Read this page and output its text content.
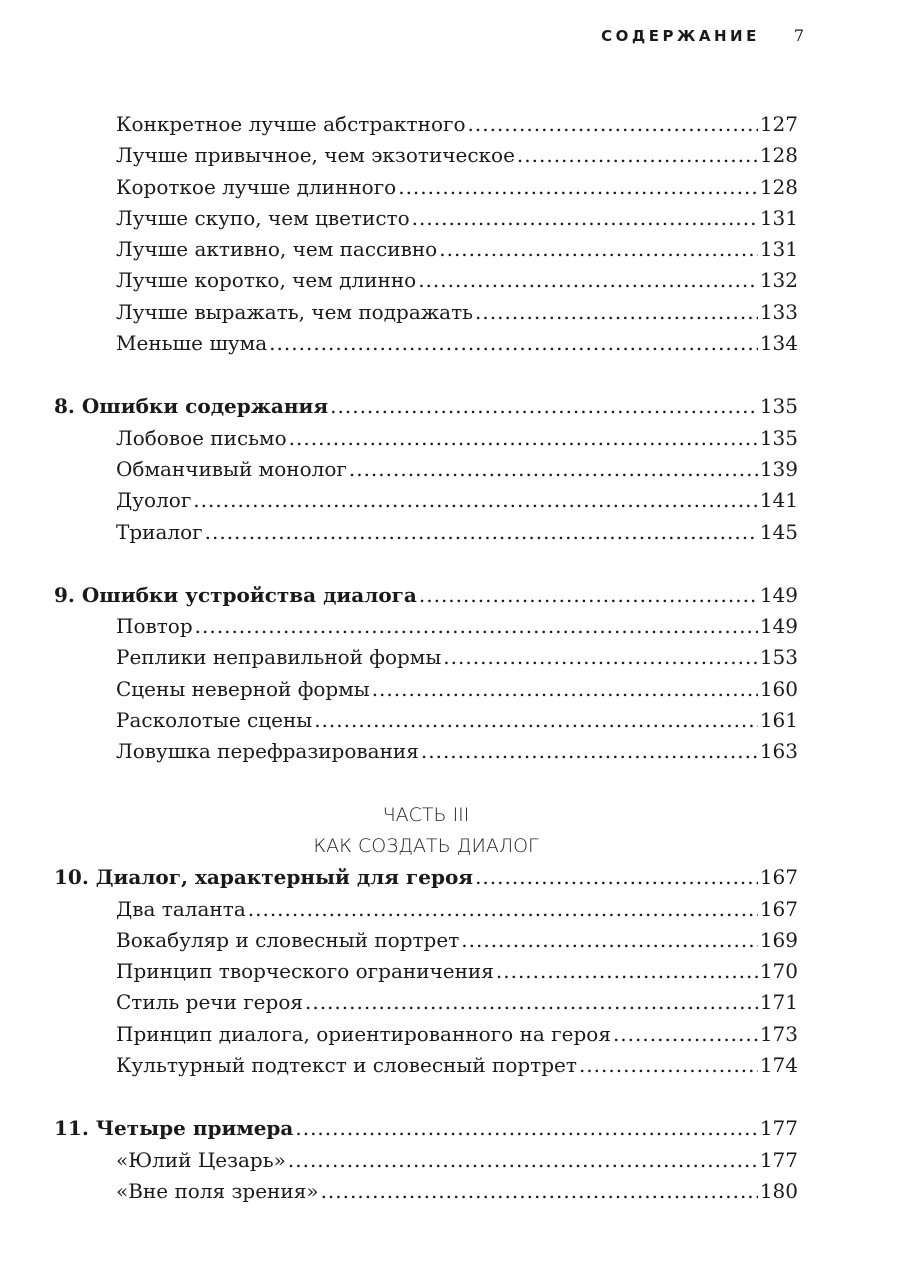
СОДЕРЖАНИЕ 7
Конкретное лучше абстрактного .....	127
Лучше привычное, чем экзотическое .....	128
Короткое лучше длинного .....	128
Лучше скупо, чем цветисто .....	131
Лучше активно, чем пассивно .....	131
Лучше коротко, чем длинно .....	132
Лучше выражать, чем подражать .....	133
Меньше шума .....	134
8. Ошибки содержания .....	135
Лобовое письмо .....	135
Обманчивый монолог .....	139
Дуолог .....	141
Триалог .....	145
9. Ошибки устройства диалога .....	149
Повтор .....	149
Реплики неправильной формы .....	153
Сцены неверной формы .....	160
Расколотые сцены .....	161
Ловушка перефразирования .....	163
ЧАСТЬ III
КАК СОЗДАТЬ ДИАЛОГ
10. Диалог, характерный для героя .....	167
Два таланта .....	167
Вокабуляр и словесный портрет .....	169
Принцип творческого ограничения .....	170
Стиль речи героя .....	171
Принцип диалога, ориентированного на героя .....	173
Культурный подтекст и словесный портрет .....	174
11. Четыре примера .....	177
«Юлий Цезарь» .....	177
«Вне поля зрения» .....	180
